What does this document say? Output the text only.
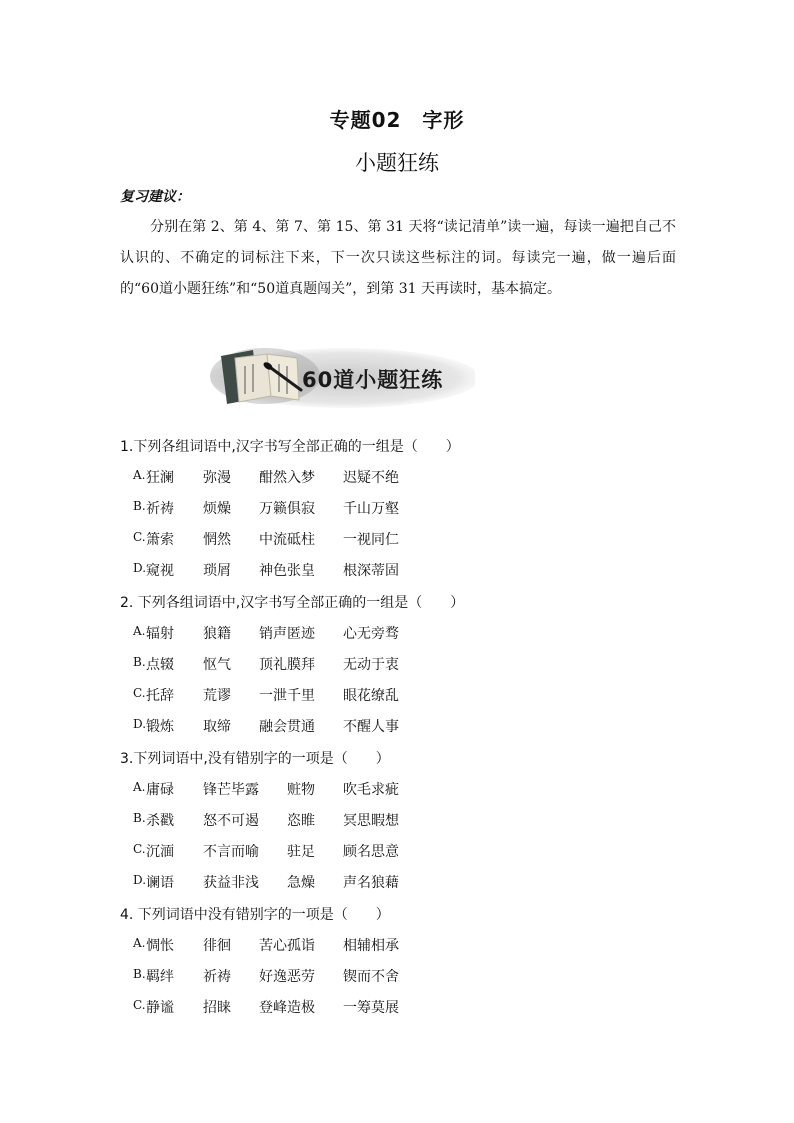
专题02　字形
小题狂练
复习建议：
分别在第 2、第 4、第 7、第 15、第 31 天将“读记清单”读一遍，每读一遍把自己不认识的、不确定的词标注下来，下一次只读这些标注的词。每读完一遍，做一遍后面的“60道小题狂练”和“50道真题闯关”，到第 31 天再读时，基本搞定。
60道小题狂练
1.下列各组词语中,汉字书写全部正确的一组是（　　）
A. 狂澜 弥漫 酣然入梦 迟疑不绝
B. 祈祷 烦燥 万籁俱寂 千山万壑
C. 箫索 惘然 中流砥柱 一视同仁
D. 窥视 琐屑 神色张皇 根深蒂固
2. 下列各组词语中,汉字书写全部正确的一组是（　　）
A. 辐射 狼籍 销声匿迹 心无旁骛
B. 点辍 怄气 顶礼膜拜 无动于衷
C. 托辞 荒谬 一泄千里 眼花缭乱
D. 锻炼 取缔 融会贯通 不醒人事
3.下列词语中,没有错别字的一项是（　　）
A. 庸碌 锋芒毕露 赃物 吹毛求疵
B. 杀戳 怒不可遏 恣睢 冥思暇想
C. 沉湎 不言而喻 驻足 顾名思意
D. 谰语 获益非浅 急燥 声名狼藉
4. 下列词语中没有错别字的一项是（　　）
A. 惆怅 徘徊 苦心孤诣 相辅相承
B. 羁绊 祈祷 好逸恶劳 锲而不舍
C. 静谧 招睐 登峰造极 一筹莫展
